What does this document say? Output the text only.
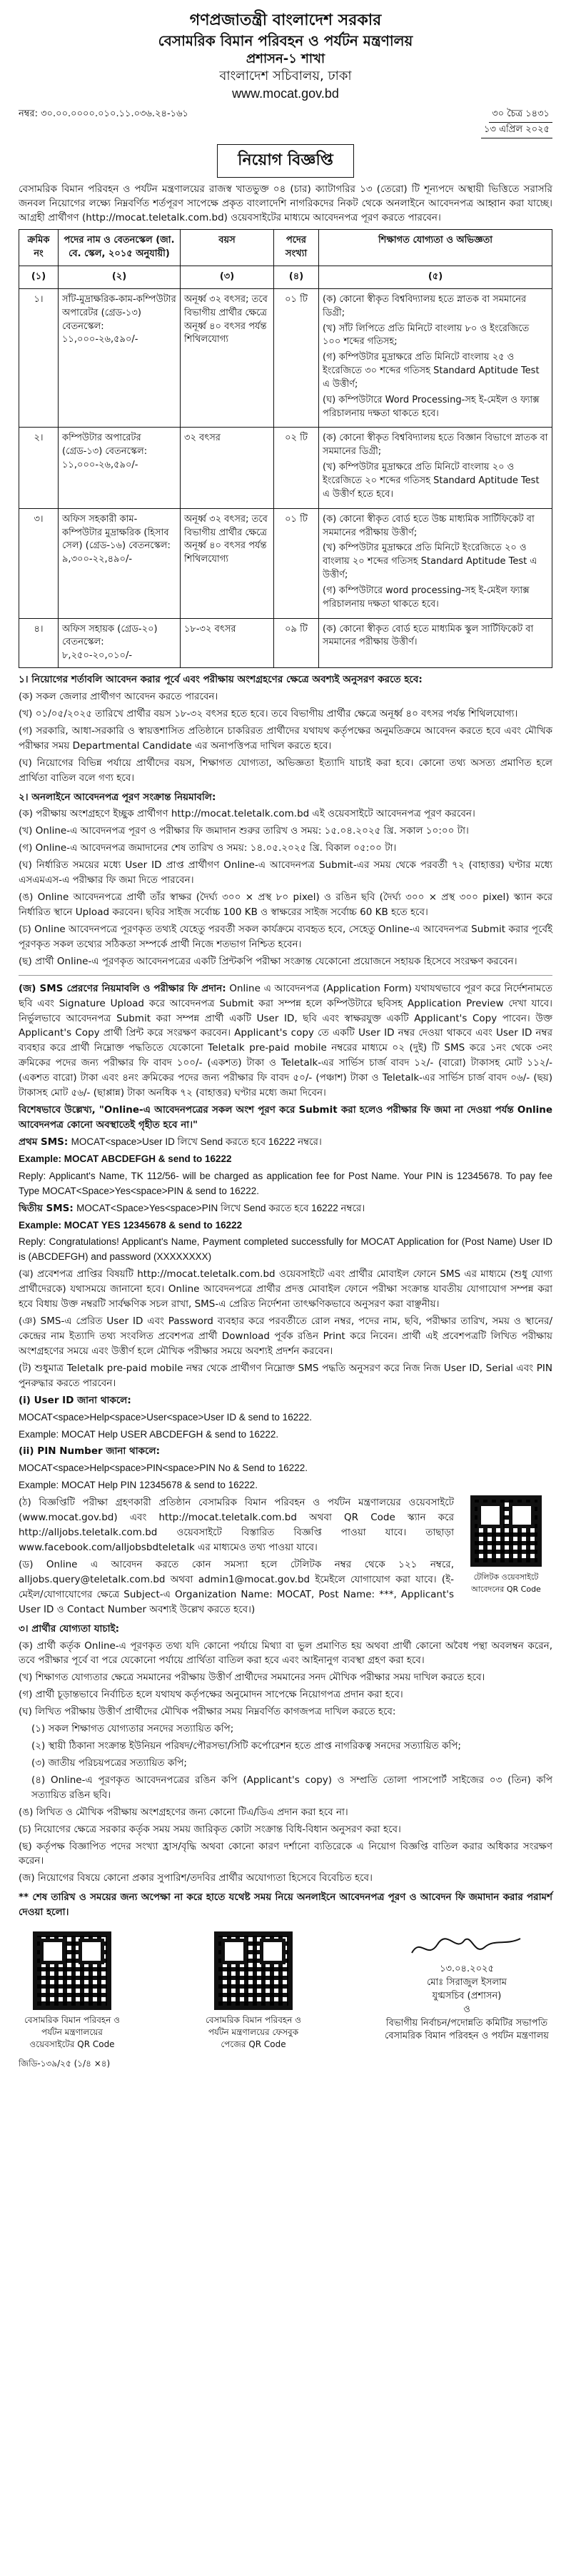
গণপ্রজাতন্ত্রী বাংলাদেশ সরকার
বেসামরিক বিমান পরিবহন ও পর্যটন মন্ত্রণালয়
প্রশাসন-১ শাখা
বাংলাদেশ সচিবালয়, ঢাকা
www.mocat.gov.bd
নম্বর: ৩০.০০.০০০০.০১০.১১.০৩৬.২৪-১৬১	৩০ চৈত্র ১৪৩১
১৩ এপ্রিল ২০২৫
নিয়োগ বিজ্ঞপ্তি
বেসামরিক বিমান পরিবহন ও পর্যটন মন্ত্রণালয়ের রাজস্ব খাতভুক্ত ০৪ (চার) ক্যাটাগরির ১৩ (তেরো) টি শূন্যপদে অস্থায়ী ভিত্তিতে সরাসরি জনবল নিয়োগের লক্ষ্যে নিম্নবর্ণিত শর্তপূরণ সাপেক্ষে প্রকৃত বাংলাদেশি নাগরিকদের নিকট থেকে অনলাইনে আবেদনপত্র আহ্বান করা যাচ্ছে। আগ্রহী প্রার্থীগণ (http://mocat.teletalk.com.bd) ওয়েবসাইটের মাধ্যমে আবেদনপত্র পূরণ করতে পারবেন।
ক্রমিক নং	পদের নাম ও বেতনস্কেল (জা. বে. স্কেল, ২০১৫ অনুযায়ী)	বয়স	পদের সংখ্যা	শিক্ষাগত যোগ্যতা ও অভিজ্ঞতা
(১)	(২)	(৩)	(৪)	(৫)
১।	সাঁট-মুদ্রাক্ষরিক-কাম-কম্পিউটার অপারেটর (গ্রেড-১৩) বেতনস্কেল: ১১,০০০-২৬,৫৯০/-	অনূর্ধ্ব ৩২ বৎসর; তবে বিভাগীয় প্রার্থীর ক্ষেত্রে অনূর্ধ্ব ৪০ বৎসর পর্যন্ত শিথিলযোগ্য	০১ টি	(ক) কোনো স্বীকৃত বিশ্ববিদ্যালয় হতে স্নাতক বা সমমানের ডিগ্রী;
(খ) সাঁট লিপিতে প্রতি মিনিটে বাংলায় ৮০ ও ইংরেজিতে ১০০ শব্দের গতিসহ;
(গ) কম্পিউটার মুদ্রাক্ষরে প্রতি মিনিটে বাংলায় ২৫ ও ইংরেজিতে ৩০ শব্দের গতিসহ Standard Aptitude Test এ উত্তীর্ণ;
(ঘ) কম্পিউটারে Word Processing-সহ ই-মেইল ও ফ্যাক্স পরিচালনায় দক্ষতা থাকতে হবে।

২।	কম্পিউটার অপারেটর (গ্রেড-১৩) বেতনস্কেল: ১১,০০০-২৬,৫৯০/-	৩২ বৎসর	০২ টি	(ক) কোনো স্বীকৃত বিশ্ববিদ্যালয় হতে বিজ্ঞান বিভাগে স্নাতক বা সমমানের ডিগ্রী;
(খ) কম্পিউটার মুদ্রাক্ষরে প্রতি মিনিটে বাংলায় ২০ ও ইংরেজিতে ২০ শব্দের গতিসহ Standard Aptitude Test এ উত্তীর্ণ হতে হবে।

৩।	অফিস সহকারী কাম-কম্পিউটার মুদ্রাক্ষরিক (হিসাব সেল) (গ্রেড-১৬) বেতনস্কেল: ৯,৩০০-২২,৪৯০/-	অনূর্ধ্ব ৩২ বৎসর; তবে বিভাগীয় প্রার্থীর ক্ষেত্রে অনূর্ধ্ব ৪০ বৎসর পর্যন্ত শিথিলযোগ্য	০১ টি	(ক) কোনো স্বীকৃত বোর্ড হতে উচ্চ মাধ্যমিক সার্টিফিকেট বা সমমানের পরীক্ষায় উত্তীর্ণ;
(খ) কম্পিউটার মুদ্রাক্ষরে প্রতি মিনিটে ইংরেজিতে ২০ ও বাংলায় ২০ শব্দের গতিসহ Standard Aptitude Test এ উত্তীর্ণ;
(গ) কম্পিউটারে word processing-সহ ই-মেইল ফ্যাক্স পরিচালনায় দক্ষতা থাকতে হবে।

৪।	অফিস সহায়ক (গ্রেড-২০) বেতনস্কেল: ৮,২৫০-২০,০১০/-	১৮-৩২ বৎসর	০৯ টি	(ক) কোনো স্বীকৃত বোর্ড হতে মাধ্যমিক স্কুল সার্টিফিকেট বা সমমানের পরীক্ষায় উত্তীর্ণ।
১। নিয়োগের শর্তাবলি আবেদন করার পূর্বে এবং পরীক্ষায় অংশগ্রহণের ক্ষেত্রে অবশ্যই অনুসরণ করতে হবে:

(ক) সকল জেলার প্রার্থীগণ আবেদন করতে পারবেন।

(খ) ০১/০৫/২০২৫ তারিখে প্রার্থীর বয়স ১৮-৩২ বৎসর হতে হবে। তবে বিভাগীয় প্রার্থীর ক্ষেত্রে অনূর্ধ্ব ৪০ বৎসর পর্যন্ত শিথিলযোগ্য।

(গ) সরকারি, আধা-সরকারি ও স্বায়ত্তশাসিত প্রতিষ্ঠানে চাকরিরত প্রার্থীদের যথাযথ কর্তৃপক্ষের অনুমতিক্রমে আবেদন করতে হবে এবং মৌখিক পরীক্ষার সময় Departmental Candidate এর অনাপত্তিপত্র দাখিল করতে হবে।

(ঘ) নিয়োগের বিভিন্ন পর্যায়ে প্রার্থীদের বয়স, শিক্ষাগত যোগ্যতা, অভিজ্ঞতা ইত্যাদি যাচাই করা হবে। কোনো তথ্য অসত্য প্রমাণিত হলে প্রার্থিতা বাতিল বলে গণ্য হবে।

২। অনলাইনে আবেদনপত্র পূরণ সংক্রান্ত নিয়মাবলি:

(ক) পরীক্ষায় অংশগ্রহণে ইচ্ছুক প্রার্থীগণ http://mocat.teletalk.com.bd এই ওয়েবসাইটে আবেদনপত্র পূরণ করবেন।

(খ) Online-এ আবেদনপত্র পূরণ ও পরীক্ষার ফি জমাদান শুরুর তারিখ ও সময়: ১৫.০৪.২০২৫ খ্রি. সকাল ১০:০০ টা।

(গ) Online-এ আবেদনপত্র জমাদানের শেষ তারিখ ও সময়: ১৪.০৫.২০২৫ খ্রি. বিকাল ০৫:০০ টা।

(ঘ) নির্ধারিত সময়ের মধ্যে User ID প্রাপ্ত প্রার্থীগণ Online-এ আবেদনপত্র Submit-এর সময় থেকে পরবর্তী ৭২ (বাহাত্তর) ঘণ্টার মধ্যে এসএমএস-এ পরীক্ষার ফি জমা দিতে পারবেন।

(ঙ) Online আবেদনপত্রে প্রার্থী তাঁর স্বাক্ষর (দৈর্ঘ্য ৩০০ × প্রস্থ ৮০ pixel) ও রঙিন ছবি (দৈর্ঘ্য ৩০০ × প্রস্থ ৩০০ pixel) স্ক্যান করে নির্ধারিত স্থানে Upload করবেন। ছবির সাইজ সর্বোচ্চ 100 KB ও স্বাক্ষরের সাইজ সর্বোচ্চ 60 KB হতে হবে।

(চ) Online আবেদনপত্রে পূরণকৃত তথ্যই যেহেতু পরবর্তী সকল কার্যক্রমে ব্যবহৃত হবে, সেহেতু Online-এ আবেদনপত্র Submit করার পূর্বেই পূরণকৃত সকল তথ্যের সঠিকতা সম্পর্কে প্রার্থী নিজে শতভাগ নিশ্চিত হবেন।

(ছ) প্রার্থী Online-এ পূরণকৃত আবেদনপত্রের একটি প্রিন্টকপি পরীক্ষা সংক্রান্ত যেকোনো প্রয়োজনে সহায়ক হিসেবে সংরক্ষণ করবেন।

(জ) SMS প্রেরণের নিয়মাবলি ও পরীক্ষার ফি প্রদান: Online এ আবেদনপত্র (Application Form) যথাযথভাবে পূরণ করে নির্দেশনামতে ছবি এবং Signature Upload করে আবেদনপত্র Submit করা সম্পন্ন হলে কম্পিউটারে ছবিসহ Application Preview দেখা যাবে। নির্ভুলভাবে আবেদনপত্র Submit করা সম্পন্ন প্রার্থী একটি User ID, ছবি এবং স্বাক্ষরযুক্ত একটি Applicant's Copy পাবেন। উক্ত Applicant's Copy প্রার্থী প্রিন্ট করে সংরক্ষণ করবেন। Applicant's copy তে একটি User ID নম্বর দেওয়া থাকবে এবং User ID নম্বর ব্যবহার করে প্রার্থী নিম্নোক্ত পদ্ধতিতে যেকোনো Teletalk pre-paid mobile নম্বরের মাধ্যমে ০২ (দুই) টি SMS করে ১নং থেকে ৩নং ক্রমিকের পদের জন্য পরীক্ষার ফি বাবদ ১০০/- (একশত) টাকা ও Teletalk-এর সার্ভিস চার্জ বাবদ ১২/- (বারো) টাকাসহ মোট ১১২/- (একশত বারো) টাকা এবং ৪নং ক্রমিকের পদের জন্য পরীক্ষার ফি বাবদ ৫০/- (পঞ্চাশ) টাকা ও Teletalk-এর সার্ভিস চার্জ বাবদ ০৬/- (ছয়) টাকাসহ মোট ৫৬/- (ছাপ্পান্ন) টাকা অনধিক ৭২ (বাহাত্তর) ঘণ্টার মধ্যে জমা দিবেন।

বিশেষভাবে উল্লেখ্য, "Online-এ আবেদনপত্রের সকল অংশ পূরণ করে Submit করা হলেও পরীক্ষার ফি জমা না দেওয়া পর্যন্ত Online আবেদনপত্র কোনো অবস্থাতেই গৃহীত হবে না।"

প্রথম SMS: MOCAT<space>User ID লিখে Send করতে হবে 16222 নম্বরে।

Example: MOCAT ABCDEFGH & send to 16222

Reply: Applicant's Name, TK 112/56- will be charged as application fee for Post Name. Your PIN is 12345678. To pay fee Type MOCAT<Space>Yes<space>PIN & send to 16222.

দ্বিতীয় SMS: MOCAT<Space>Yes<space>PIN লিখে Send করতে হবে 16222 নম্বরে।

Example: MOCAT YES 12345678 & send to 16222

Reply: Congratulations! Applicant's Name, Payment completed successfully for MOCAT Application for (Post Name) User ID is (ABCDEFGH) and password (XXXXXXXX)

(ঝ) প্রবেশপত্র প্রাপ্তির বিষয়টি http://mocat.teletalk.com.bd ওয়েবসাইটে এবং প্রার্থীর মোবাইল ফোনে SMS এর মাধ্যমে (শুধু যোগ্য প্রার্থীদেরকে) যথাসময়ে জানানো হবে। Online আবেদনপত্রে প্রার্থীর প্রদত্ত মোবাইল ফোনে পরীক্ষা সংক্রান্ত যাবতীয় যোগাযোগ সম্পন্ন করা হবে বিধায় উক্ত নম্বরটি সার্বক্ষণিক সচল রাখা, SMS-এ প্রেরিত নির্দেশনা তাৎক্ষণিকভাবে অনুসরণ করা বাঞ্ছনীয়।

(ঞ) SMS-এ প্রেরিত User ID এবং Password ব্যবহার করে পরবর্তীতে রোল নম্বর, পদের নাম, ছবি, পরীক্ষার তারিখ, সময় ও স্থানের/কেন্দ্রের নাম ইত্যাদি তথ্য সংবলিত প্রবেশপত্র প্রার্থী Download পূর্বক রঙিন Print করে নিবেন। প্রার্থী এই প্রবেশপত্রটি লিখিত পরীক্ষায় অংশগ্রহণের সময়ে এবং উত্তীর্ণ হলে মৌখিক পরীক্ষার সময়ে অবশ্যই প্রদর্শন করবেন।

(ট) শুধুমাত্র Teletalk pre-paid mobile নম্বর থেকে প্রার্থীগণ নিম্নোক্ত SMS পদ্ধতি অনুসরণ করে নিজ নিজ User ID, Serial এবং PIN পুনরুদ্ধার করতে পারবেন।

(i) User ID জানা থাকলে:

MOCAT<space>Help<space>User<space>User ID & send to 16222.

Example: MOCAT Help USER ABCDEFGH & send to 16222.

(ii) PIN Number জানা থাকলে:

MOCAT<space>Help<space>PIN<space>PIN No & Send to 16222.

Example: MOCAT Help PIN 12345678 & send to 16222.

টেলিটক ওয়েবসাইটে আবেদনের QR Code

(ঠ) বিজ্ঞপ্তিটি পরীক্ষা গ্রহণকারী প্রতিষ্ঠান বেসামরিক বিমান পরিবহন ও পর্যটন মন্ত্রণালয়ের ওয়েবসাইটে (www.mocat.gov.bd) এবং http://mocat.teletalk.com.bd অথবা QR Code স্ক্যান করে http://alljobs.teletalk.com.bd ওয়েবসাইটে বিস্তারিত বিজ্ঞপ্তি পাওয়া যাবে। তাছাড়া www.facebook.com/alljobsbdteletalk এর মাধ্যমেও তথ্য পাওয়া যাবে।

(ড) Online এ আবেদন করতে কোন সমস্যা হলে টেলিটক নম্বর থেকে ১২১ নম্বরে, alljobs.query@teletalk.com.bd অথবা admin1@mocat.gov.bd ইমেইলে যোগাযোগ করা যাবে। (ই-মেইল/যোগাযোগের ক্ষেত্রে Subject-এ Organization Name: MOCAT, Post Name: ***, Applicant's User ID ও Contact Number অবশ্যই উল্লেখ করতে হবে।)

৩। প্রার্থীর যোগ্যতা যাচাই:

(ক) প্রার্থী কর্তৃক Online-এ পূরণকৃত তথ্য যদি কোনো পর্যায়ে মিথ্যা বা ভুল প্রমাণিত হয় অথবা প্রার্থী কোনো অবৈধ পন্থা অবলম্বন করেন, তবে পরীক্ষার পূর্বে বা পরে যেকোনো পর্যায়ে প্রার্থিতা বাতিল করা হবে এবং আইনানুগ ব্যবস্থা গ্রহণ করা হবে।

(খ) শিক্ষাগত যোগ্যতার ক্ষেত্রে সমমানের পরীক্ষায় উত্তীর্ণ প্রার্থীদের সমমানের সনদ মৌখিক পরীক্ষার সময় দাখিল করতে হবে।

(গ) প্রার্থী চূড়ান্তভাবে নির্বাচিত হলে যথাযথ কর্তৃপক্ষের অনুমোদন সাপেক্ষে নিয়োগপত্র প্রদান করা হবে।

(ঘ) লিখিত পরীক্ষায় উত্তীর্ণ প্রার্থীদের মৌখিক পরীক্ষার সময় নিম্নবর্ণিত কাগজপত্র দাখিল করতে হবে:

(১) সকল শিক্ষাগত যোগ্যতার সনদের সত্যায়িত কপি;

(২) স্থায়ী ঠিকানা সংক্রান্ত ইউনিয়ন পরিষদ/পৌরসভা/সিটি কর্পোরেশন হতে প্রাপ্ত নাগরিকত্ব সনদের সত্যায়িত কপি;

(৩) জাতীয় পরিচয়পত্রের সত্যায়িত কপি;

(৪) Online-এ পূরণকৃত আবেদনপত্রের রঙিন কপি (Applicant's copy) ও সম্প্রতি তোলা পাসপোর্ট সাইজের ০৩ (তিন) কপি সত্যায়িত রঙিন ছবি।

(ঙ) লিখিত ও মৌখিক পরীক্ষায় অংশগ্রহণের জন্য কোনো টিএ/ডিএ প্রদান করা হবে না।

(চ) নিয়োগের ক্ষেত্রে সরকার কর্তৃক সময় সময় জারিকৃত কোটা সংক্রান্ত বিধি-বিধান অনুসরণ করা হবে।

(ছ) কর্তৃপক্ষ বিজ্ঞাপিত পদের সংখ্যা হ্রাস/বৃদ্ধি অথবা কোনো কারণ দর্শানো ব্যতিরেকে এ নিয়োগ বিজ্ঞপ্তি বাতিল করার অধিকার সংরক্ষণ করেন।

(জ) নিয়োগের বিষয়ে কোনো প্রকার সুপারিশ/তদবির প্রার্থীর অযোগ্যতা হিসেবে বিবেচিত হবে।

** শেষ তারিখ ও সময়ের জন্য অপেক্ষা না করে হাতে যথেষ্ট সময় নিয়ে অনলাইনে আবেদনপত্র পূরণ ও আবেদন ফি জমাদান করার পরামর্শ দেওয়া হলো।
বেসামরিক বিমান পরিবহন ও পর্যটন মন্ত্রণালয়ের ওয়েবসাইটের QR Code
বেসামরিক বিমান পরিবহন ও পর্যটন মন্ত্রণালয়ের ফেসবুক পেজের QR Code
১৩.০৪.২০২৫
মোঃ সিরাজুল ইসলাম
যুগ্মসচিব (প্রশাসন)
ও
বিভাগীয় নির্বাচন/পদোন্নতি কমিটির সভাপতি
বেসামরিক বিমান পরিবহন ও পর্যটন মন্ত্রণালয়
জিডি-১৩৯/২৫ (১/৪ ×৪)
